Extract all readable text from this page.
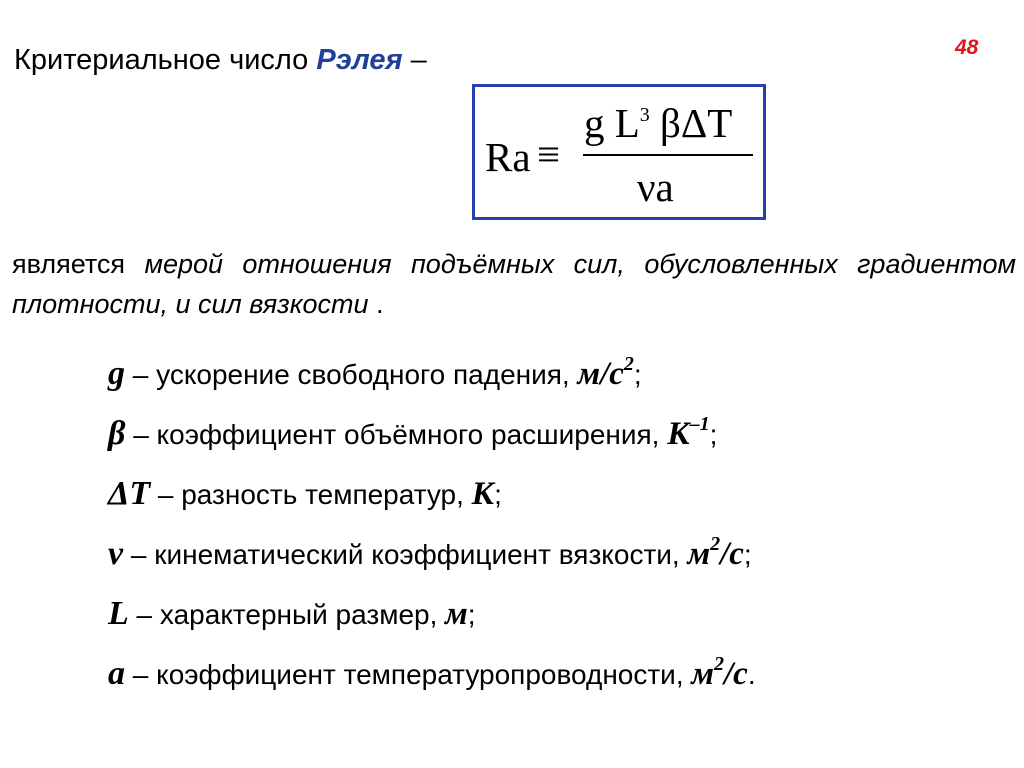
Критериальное число Рэлея –	48
Ra ≡
g $L^3$ βΔT
νa
является мерой отношения подъёмных сил, обусловленных градиентом плотности, и сил вязкости .
g – ускорение свободного падения, $м/с^2$;
β – коэффициент объёмного расширения, $К^{-1}$;
ΔT – разность температур, К;
ν – кинематический коэффициент вязкости, $м^2/с$;
L – характерный размер, м;
a – коэффициент температуропроводности, $м^2/с$.
